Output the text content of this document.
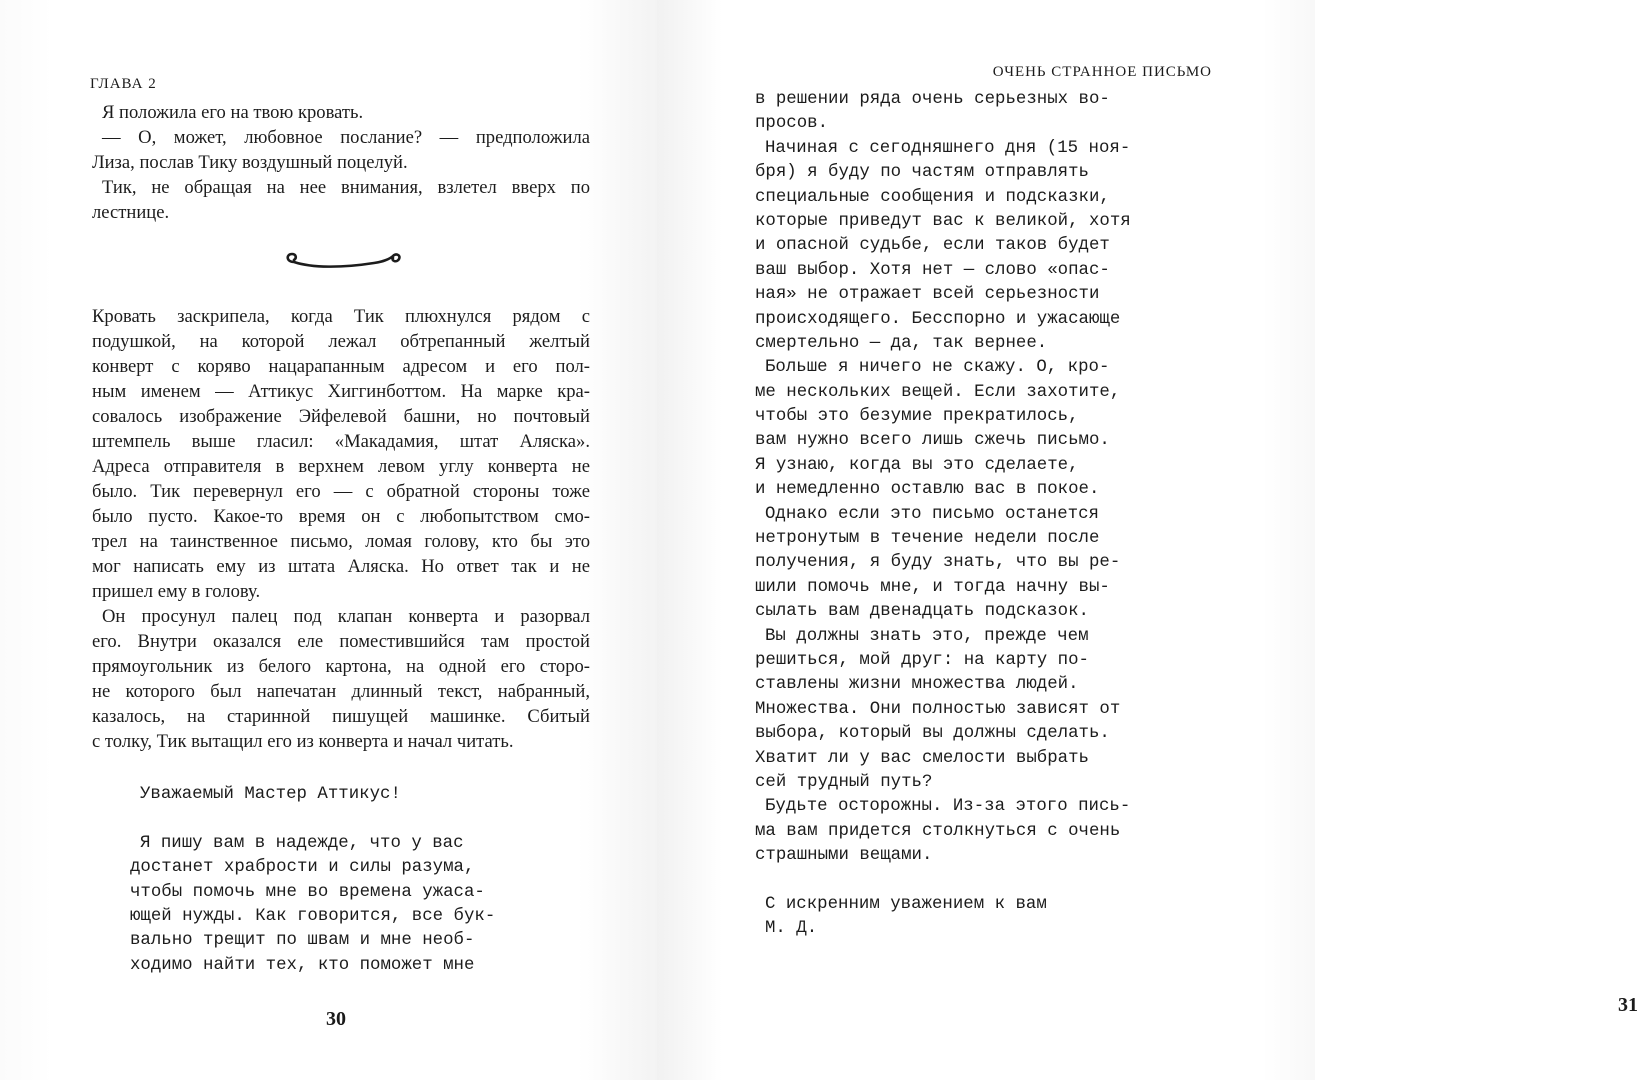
ГЛАВА 2
Я положила его на твою кровать.
— О, может, любовное послание? — предположила
Лиза, послав Тику воздушный поцелуй.
Тик, не обращая на нее внимания, взлетел вверх по
лестнице.
Кровать заскрипела, когда Тик плюхнулся рядом с
подушкой, на которой лежал обтрепанный желтый
конверт с коряво нацарапанным адресом и его пол-
ным именем — Аттикус Хиггинботтом. На марке кра-
совалось изображение Эйфелевой башни, но почтовый
штемпель выше гласил: «Макадамия, штат Аляска».
Адреса отправителя в верхнем левом углу конверта не
было. Тик перевернул его — с обратной стороны тоже
было пусто. Какое-то время он с любопытством смо-
трел на таинственное письмо, ломая голову, кто бы это
мог написать ему из штата Аляска. Но ответ так и не
пришел ему в голову.
Он просунул палец под клапан конверта и разорвал
его. Внутри оказался еле поместившийся там простой
прямоугольник из белого картона, на одной его сторо-
не которого был напечатан длинный текст, набранный,
казалось, на старинной пишущей машинке. Сбитый
с толку, Тик вытащил его из конверта и начал читать.
Уважаемый Мастер Аттикус!
Я пишу вам в надежде, что у вас
достанет храбрости и силы разума,
чтобы помочь мне во времена ужаса-
ющей нужды. Как говорится, все бук-
вально трещит по швам и мне необ-
ходимо найти тех, кто поможет мне
30
ОЧЕНЬ СТРАННОЕ ПИСЬМО
в решении ряда очень серьезных во-
просов.
Начиная с сегодняшнего дня (15 ноя-
бря) я буду по частям отправлять
специальные сообщения и подсказки,
которые приведут вас к великой, хотя
и опасной судьбе, если таков будет
ваш выбор. Хотя нет — слово «опас-
ная» не отражает всей серьезности
происходящего. Бесспорно и ужасающе
смертельно — да, так вернее.
Больше я ничего не скажу. О, кро-
ме нескольких вещей. Если захотите,
чтобы это безумие прекратилось,
вам нужно всего лишь сжечь письмо.
Я узнаю, когда вы это сделаете,
и немедленно оставлю вас в покое.
Однако если это письмо останется
нетронутым в течение недели после
получения, я буду знать, что вы ре-
шили помочь мне, и тогда начну вы-
сылать вам двенадцать подсказок.
Вы должны знать это, прежде чем
решиться, мой друг: на карту по-
ставлены жизни множества людей.
Множества. Они полностью зависят от
выбора, который вы должны сделать.
Хватит ли у вас смелости выбрать
сей трудный путь?
Будьте осторожны. Из-за этого пись-
ма вам придется столкнуться с очень
страшными вещами.
С искренним уважением к вам
М. Д.
31
